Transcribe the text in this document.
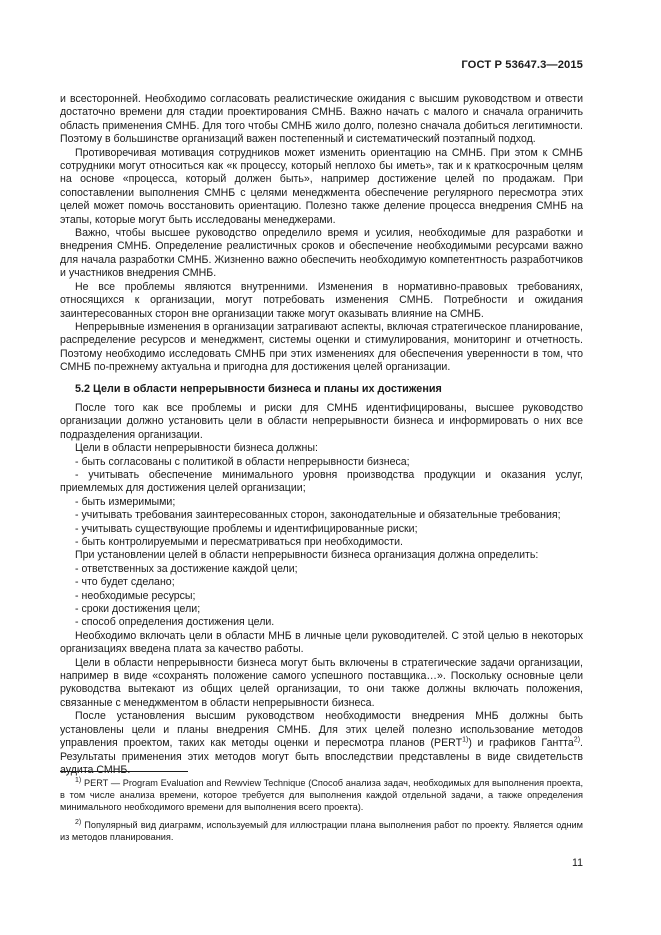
ГОСТ Р 53647.3—2015

и всесторонней. Необходимо согласовать реалистические ожидания с высшим руководством и отвести достаточно времени для стадии проектирования СМНБ. Важно начать с малого и сначала ограничить область применения СМНБ. Для того чтобы СМНБ жило долго, полезно сначала добиться легитимности. Поэтому в большинстве организаций важен постепенный и систематический поэтапный подход.

Противоречивая мотивация сотрудников может изменить ориентацию на СМНБ. При этом к СМНБ сотрудники могут относиться как «к процессу, который неплохо бы иметь», так и к краткосрочным целям на основе «процесса, который должен быть», например достижение целей по продажам. При сопоставлении выполнения СМНБ с целями менеджмента обеспечение регулярного пересмотра этих целей может помочь восстановить ориентацию. Полезно также деление процесса внедрения СМНБ на этапы, которые могут быть исследованы менеджерами.

Важно, чтобы высшее руководство определило время и усилия, необходимые для разработки и внедрения СМНБ. Определение реалистичных сроков и обеспечение необходимыми ресурсами важно для начала разработки СМНБ. Жизненно важно обеспечить необходимую компетентность разработчиков и участников внедрения СМНБ.

Не все проблемы являются внутренними. Изменения в нормативно-правовых требованиях, относящихся к организации, могут потребовать изменения СМНБ. Потребности и ожидания заинтересованных сторон вне организации также могут оказывать влияние на СМНБ.

Непрерывные изменения в организации затрагивают аспекты, включая стратегическое планирование, распределение ресурсов и менеджмент, системы оценки и стимулирования, мониторинг и отчетность. Поэтому необходимо исследовать СМНБ при этих изменениях для обеспечения уверенности в том, что СМНБ по-прежнему актуальна и пригодна для достижения целей организации.

5.2 Цели в области непрерывности бизнеса и планы их достижения

После того как все проблемы и риски для СМНБ идентифицированы, высшее руководство организации должно установить цели в области непрерывности бизнеса и информировать о них все подразделения организации.

Цели в области непрерывности бизнеса должны:

- быть согласованы с политикой в области непрерывности бизнеса;

- учитывать обеспечение минимального уровня производства продукции и оказания услуг, приемлемых для достижения целей организации;

- быть измеримыми;

- учитывать требования заинтересованных сторон, законодательные и обязательные требования;

- учитывать существующие проблемы и идентифицированные риски;

- быть контролируемыми и пересматриваться при необходимости.

При установлении целей в области непрерывности бизнеса организация должна определить:

- ответственных за достижение каждой цели;

- что будет сделано;

- необходимые ресурсы;

- сроки достижения цели;

- способ определения достижения цели.

Необходимо включать цели в области МНБ в личные цели руководителей. С этой целью в некоторых организациях введена плата за качество работы.

Цели в области непрерывности бизнеса могут быть включены в стратегические задачи организации, например в виде «сохранять положение самого успешного поставщика…». Поскольку основные цели руководства вытекают из общих целей организации, то они также должны включать положения, связанные с менеджментом в области непрерывности бизнеса.

После установления высшим руководством необходимости внедрения МНБ должны быть установлены цели и планы внедрения СМНБ. Для этих целей полезно использование методов управления проектом, таких как методы оценки и пересмотра планов (PERT$^{1)}$) и графиков Гантта$^{2)}$. Результаты применения этих методов могут быть впоследствии представлены в виде свидетельств аудита СМНБ.

$^{1)}$ PERT — Program Evaluation and Rewview Technique (Способ анализа задач, необходимых для выполнения проекта, в том числе анализа времени, которое требуется для выполнения каждой отдельной задачи, а также определения минимального необходимого времени для выполнения всего проекта).

$^{2)}$ Популярный вид диаграмм, используемый для иллюстрации плана выполнения работ по проекту. Является одним из методов планирования.

11
